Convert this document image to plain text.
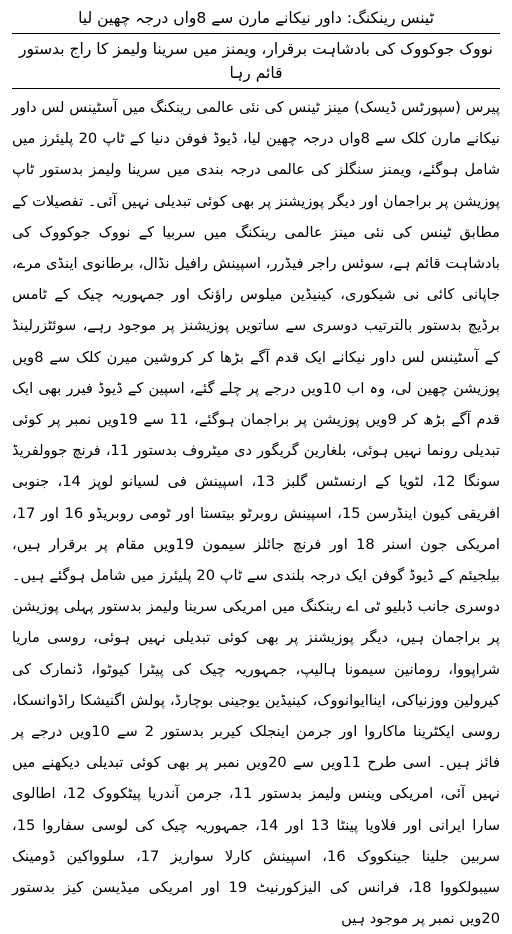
ٹینس رینکنگ: داور نیکانے مارن سے 8واں درجہ چھین لیا
نووک جوکووک کی بادشاہت برقرار، ویمنز میں سرینا ولیمز کا راج بدستور قائم رہا

پیرس (سپورٹس ڈیسک) مینز ٹینس کی نئی عالمی رینکنگ میں آسٹینس لس داور نیکانے مارن کلک سے 8واں درجہ چھین لیا، ڈیوڈ فوفن دنیا کے ٹاپ 20 پلیئرز میں شامل ہوگئے، ویمنز سنگلز کی عالمی درجہ بندی میں سرینا ولیمز بدستور ٹاپ پوزیشن پر براجمان اور دیگر پوزیشنز پر بھی کوئی تبدیلی نہیں آئی۔ تفصیلات کے مطابق ٹینس کی نئی مینز عالمی رینکنگ میں سربیا کے نووک جوکووک کی بادشاہت قائم ہے، سوئس راجر فیڈرر، اسپینش رافیل نڈال، برطانوی اینڈی مرے، جاپانی کائی نی شیکوری، کینیڈین میلوس راؤنک اور جمہوریہ چیک کے ٹامس برڈیچ بدستور بالترتیب دوسری سے ساتویں پوزیشنز پر موجود رہے، سوئٹزرلینڈ کے آسٹینس لس داور نیکانے ایک قدم آگے بڑھا کر کروشین میرن کلک سے 8ویں پوزیشن چھین لی، وہ اب 10ویں درجے پر چلے گئے، اسپین کے ڈیوڈ فیرر بھی ایک قدم آگے بڑھ کر 9ویں پوزیشن پر براجمان ہوگئے، 11 سے 19ویں نمبر پر کوئی تبدیلی رونما نہیں ہوئی، بلغارین گریگور دی میٹروف بدستور 11، فرنچ جوولفریڈ سونگا 12، لٹویا کے ارنسٹس گلبز 13، اسپینش فی لسیانو لوپز 14، جنوبی افریقی کیون اینڈرسن 15، اسپینش روبرٹو بیتستا اور ٹومی روبریڈو 16 اور 17، امریکی جون اسنر 18 اور فرنچ جائلز سیمون 19ویں مقام پر برقرار ہیں، بیلجیئم کے ڈیوڈ گوفن ایک درجہ بلندی سے ٹاپ 20 پلیئرز میں شامل ہوگئے ہیں۔ دوسری جانب ڈبلیو ٹی اے رینکنگ میں امریکی سرینا ولیمز بدستور پہلی پوزیشن پر براجمان ہیں، دیگر پوزیشنز پر بھی کوئی تبدیلی نہیں ہوئی، روسی ماریا شراپووا، رومانین سیمونا ہالیپ، جمہوریہ چیک کی پیٹرا کیوٹوا، ڈنمارک کی کیرولین ووزنیاکی، ایناایوانووک، کینیڈین یوجینی بوچارڈ، پولش اگنیشکا راڈوانسکا، روسی ایکٹرینا ماکاروا اور جرمن اینجلک کیربر بدستور 2 سے 10ویں درجے پر فائز ہیں۔ اسی طرح 11ویں سے 20ویں نمبر پر بھی کوئی تبدیلی دیکھنے میں نہیں آئی، امریکی وینس ولیمز بدستور 11، جرمن آندریا پیٹکووک 12، اطالوی سارا ایرانی اور فلاویا پینٹا 13 اور 14، جمہوریہ چیک کی لوسی سفاروا 15، سربین جلینا جینکووک 16، اسپینش کارلا سواریز 17، سلوواکین ڈومینک سیبولکووا 18، فرانس کی الیزکورنیٹ 19 اور امریکی میڈیسن کیز بدستور 20ویں نمبر پر موجود ہیں
